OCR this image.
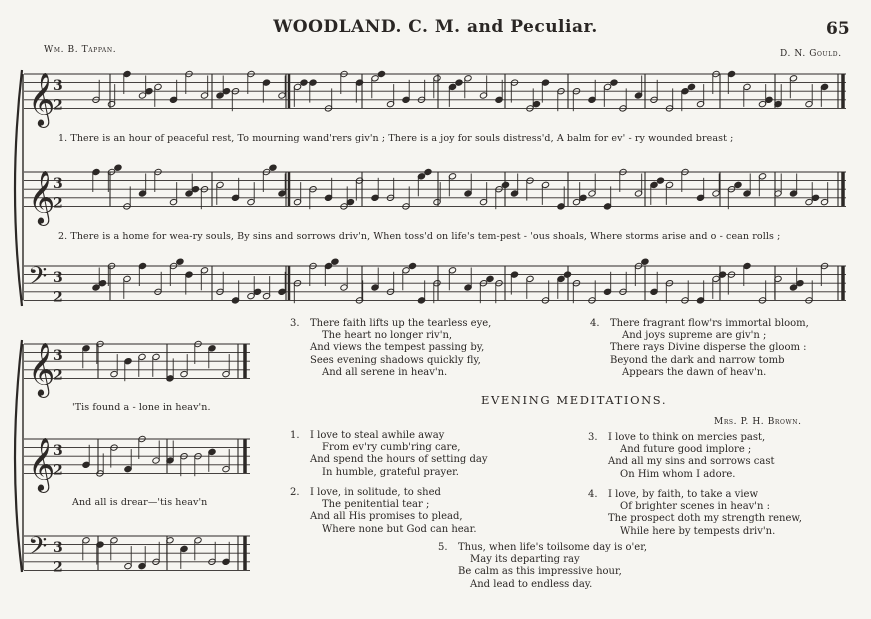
WOODLAND. C. M. and Peculiar.	65
Wm. B. Tappan.	D. N. Gould.
𝄞
3
2
𝄞
3
2
𝄢 3
2
𝄞
3
2
𝄞
3
2
𝄢 3
2
1. There is an hour of peaceful rest, To mourning wand'rers giv'n ; There is a joy for souls distress'd, A balm for ev' - ry wounded breast ;
2. There is a home for wea-ry souls, By sins and sorrows driv'n, When toss'd on life's tem-pest - 'ous shoals, Where storms arise and o - cean rolls ;
'Tis found a - lone in heav'n.
And all is drear—'tis heav'n
3. There faith lifts up the tearless eye,
The heart no longer riv'n,
And views the tempest passing by,
Sees evening shadows quickly fly,
And all serene in heav'n.
4. There fragrant flow'rs immortal bloom,
And joys supreme are giv'n ;
There rays Divine disperse the gloom :
Beyond the dark and narrow tomb
Appears the dawn of heav'n.
EVENING MEDITATIONS.
Mrs. P. H. Brown.
1. I love to steal awhile away
From ev'ry cumb'ring care,
And spend the hours of setting day
In humble, grateful prayer.
2. I love, in solitude, to shed
The penitential tear ;
And all His promises to plead,
Where none but God can hear.
3. I love to think on mercies past,
And future good implore ;
And all my sins and sorrows cast
On Him whom I adore.
4. I love, by faith, to take a view
Of brighter scenes in heav'n :
The prospect doth my strength renew,
While here by tempests driv'n.
5. Thus, when life's toilsome day is o'er,
May its departing ray
Be calm as this impressive hour,
And lead to endless day.
